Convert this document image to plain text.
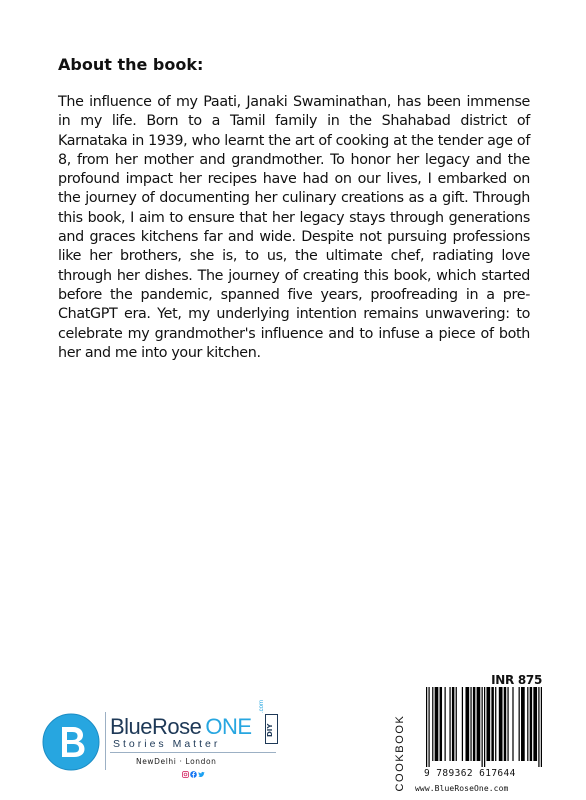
About the book:
The influence of my Paati, Janaki Swaminathan, has been immense in my life. Born to a Tamil family in the Shahabad district of Karnataka in 1939, who learnt the art of cooking at the tender age of 8, from her mother and grandmother. To honor her legacy and the profound impact her recipes have had on our lives, I embarked on the journey of documenting her culinary creations as a gift. Through this book, I aim to ensure that her legacy stays through generations and graces kitchens far and wide. Despite not pursuing professions like her brothers, she is, to us, the ultimate chef, radiating love through her dishes. The journey of creating this book, which started before the pandemic, spanned five years, proofreading in a pre-ChatGPT era. Yet, my underlying intention remains unwavering: to celebrate my grandmother's influence and to infuse a piece of both her and me into your kitchen.
INR 875
COOKBOOK 9 789362 617644
www.BlueRoseOne.com
BlueRose ONE
.com
DIY
Stories Matter
NewDelhi · London
